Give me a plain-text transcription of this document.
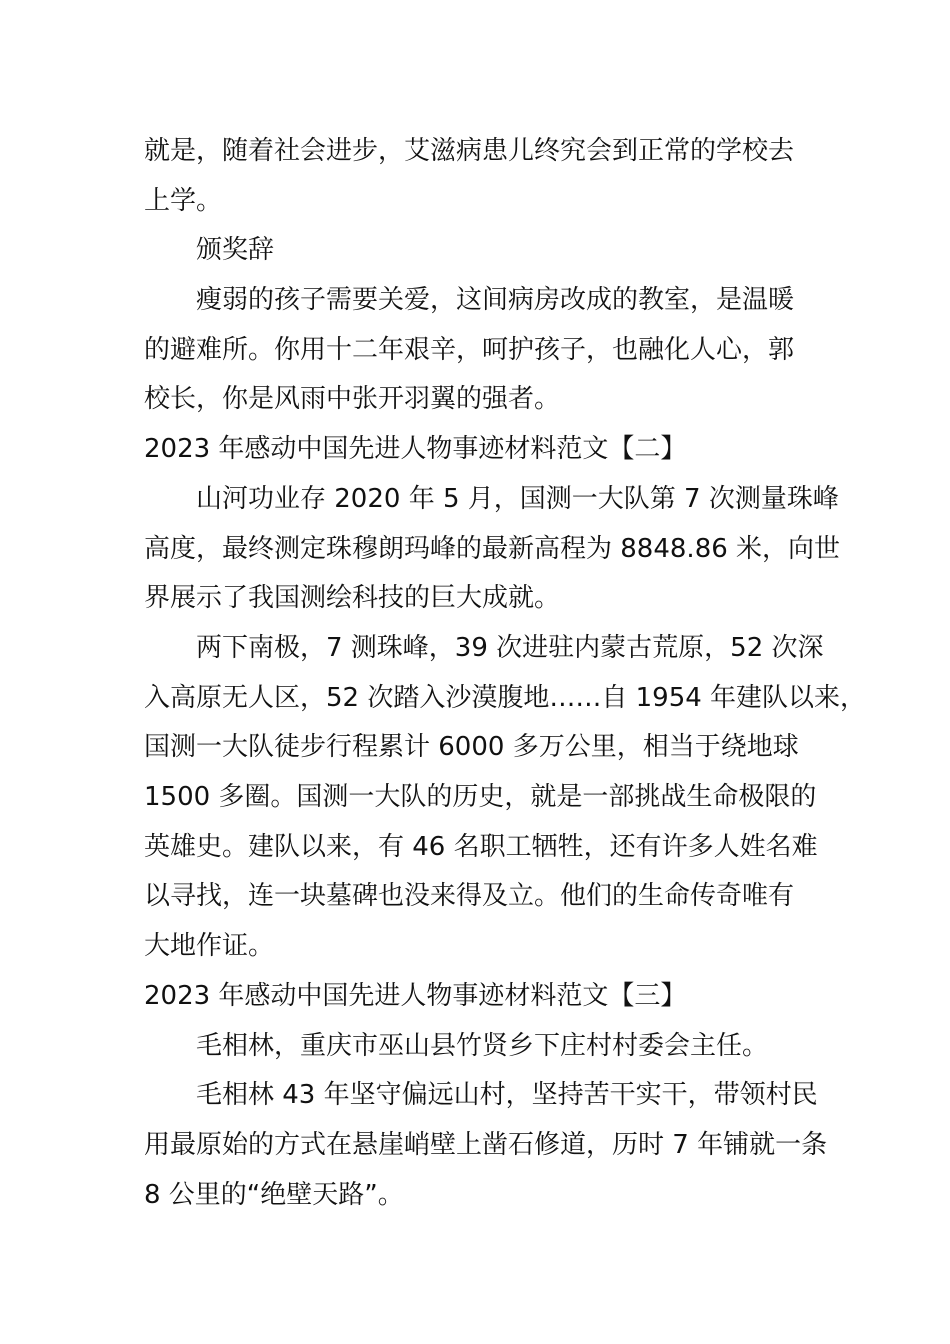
就是，随着社会进步，艾滋病患儿终究会到正常的学校去
上学。
颁奖辞
瘦弱的孩子需要关爱，这间病房改成的教室，是温暖
的避难所。你用十二年艰辛，呵护孩子，也融化人心，郭
校长，你是风雨中张开羽翼的强者。
2023 年感动中国先进人物事迹材料范文【二】
山河功业存 2020 年 5 月，国测一大队第 7 次测量珠峰
高度，最终测定珠穆朗玛峰的最新高程为 8848.86 米，向世
界展示了我国测绘科技的巨大成就。
两下南极，7 测珠峰，39 次进驻内蒙古荒原，52 次深
入高原无人区，52 次踏入沙漠腹地……自 1954 年建队以来，
国测一大队徒步行程累计 6000 多万公里，相当于绕地球
1500 多圈。国测一大队的历史，就是一部挑战生命极限的
英雄史。建队以来，有 46 名职工牺牲，还有许多人姓名难
以寻找，连一块墓碑也没来得及立。他们的生命传奇唯有
大地作证。
2023 年感动中国先进人物事迹材料范文【三】
毛相林，重庆市巫山县竹贤乡下庄村村委会主任。
毛相林 43 年坚守偏远山村，坚持苦干实干，带领村民
用最原始的方式在悬崖峭壁上凿石修道，历时 7 年铺就一条
8 公里的“绝壁天路”。
